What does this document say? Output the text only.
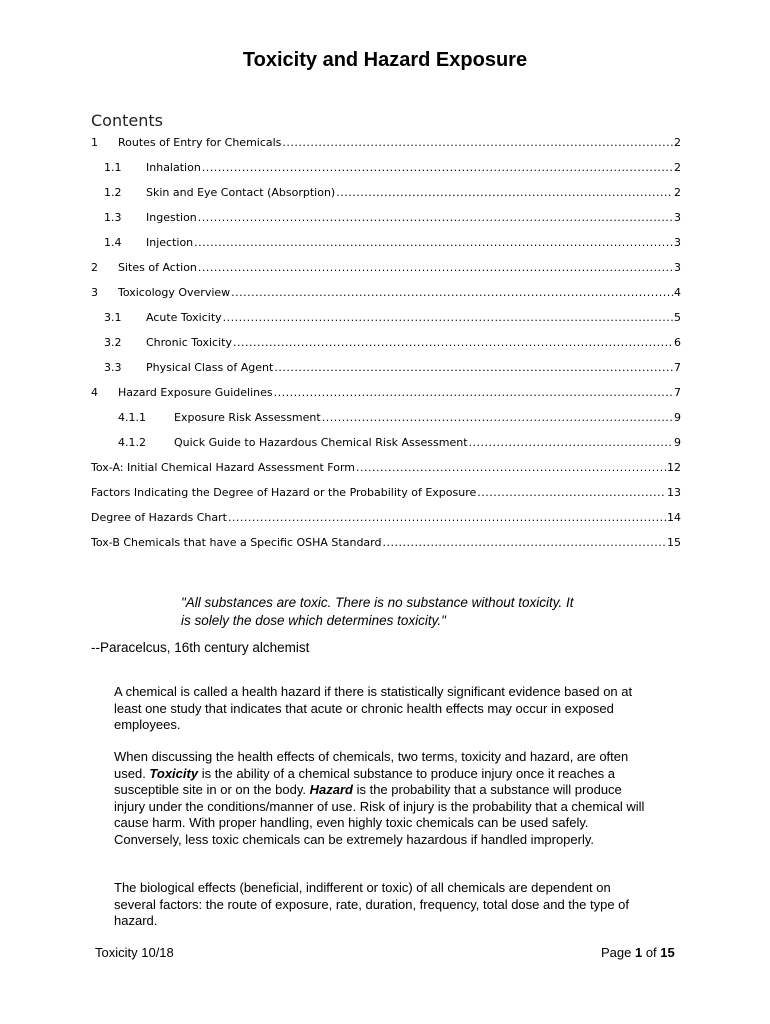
Toxicity and Hazard Exposure
Contents
1	Routes of Entry for Chemicals .....	2
1.1	Inhalation .....	2
1.2	Skin and Eye Contact (Absorption) .....	2
1.3	Ingestion .....	3
1.4	Injection .....	3
2	Sites of Action .....	3
3	Toxicology Overview .....	4
3.1	Acute Toxicity .....	5
3.2	Chronic Toxicity .....	6
3.3	Physical Class of Agent .....	7
4	Hazard Exposure Guidelines .....	7
4.1.1	Exposure Risk Assessment .....	9
4.1.2	Quick Guide to Hazardous Chemical Risk Assessment .....	9
Tox-A: Initial Chemical Hazard Assessment Form .....	12
Factors Indicating the Degree of Hazard or the Probability of Exposure .....	13
Degree of Hazards Chart .....	14
Tox-B Chemicals that have a Specific OSHA Standard .....	15
"All substances are toxic. There is no substance without toxicity. It
is solely the dose which determines toxicity."
--Paracelcus, 16th century alchemist
A chemical is called a health hazard if there is statistically significant evidence based on at least one study that indicates that acute or chronic health effects may occur in exposed employees.
When discussing the health effects of chemicals, two terms, toxicity and hazard, are often used. Toxicity is the ability of a chemical substance to produce injury once it reaches a susceptible site in or on the body. Hazard is the probability that a substance will produce injury under the conditions/manner of use. Risk of injury is the probability that a chemical will cause harm. With proper handling, even highly toxic chemicals can be used safely. Conversely, less toxic chemicals can be extremely hazardous if handled improperly.
The biological effects (beneficial, indifferent or toxic) of all chemicals are dependent on several factors: the route of exposure, rate, duration, frequency, total dose and the type of hazard.
Toxicity 10/18	Page 1 of 15
